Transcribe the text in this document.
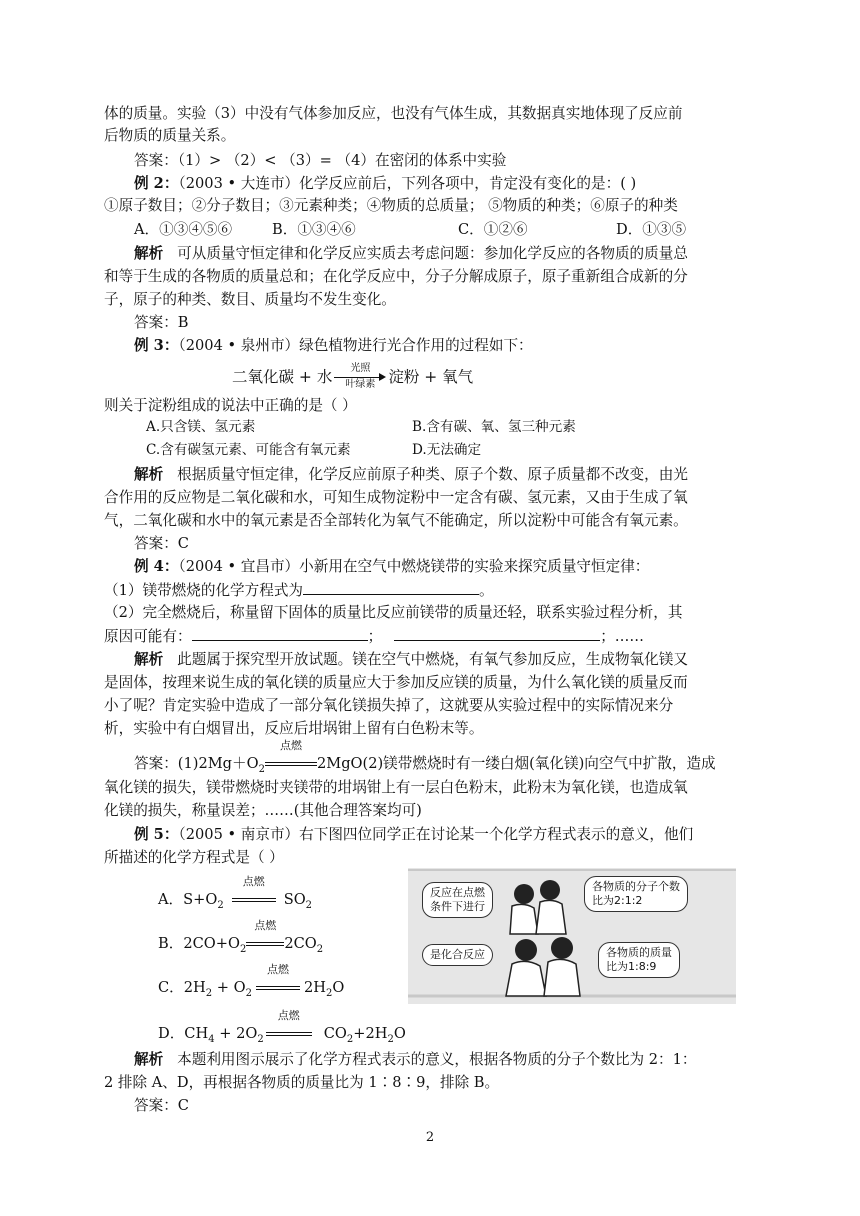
体的质量。实验（3）中没有气体参加反应，也没有气体生成，其数据真实地体现了反应前
后物质的质量关系。
答案：（1）> （2）< （3）= （4）在密闭的体系中实验
例 2：（2003 • 大连市）化学反应前后，下列各项中，肯定没有变化的是：( )
①原子数目；②分子数目；③元素种类；④物质的总质量； ⑤物质的种类；⑥原子的种类
A．①③④⑤⑥	B．①③④⑥	C．①②⑥	D．①③⑤
解析 可从质量守恒定律和化学反应实质去考虑问题：参加化学反应的各物质的质量总
和等于生成的各物质的质量总和；在化学反应中，分子分解成原子，原子重新组合成新的分
子，原子的种类、数目、质量均不发生变化。
答案：B
例 3：（2004 • 泉州市）绿色植物进行光合作用的过程如下：
二氧化碳 + 水	光照
叶绿素 淀粉 + 氧气
则关于淀粉组成的说法中正确的是（ ）
A.只含镁、氢元素	B.含有碳、氧、氢三种元素
C.含有碳氢元素、可能含有氧元素	D.无法确定
解析 根据质量守恒定律，化学反应前原子种类、原子个数、原子质量都不改变，由光
合作用的反应物是二氧化碳和水，可知生成物淀粉中一定含有碳、氢元素，又由于生成了氧
气，二氧化碳和水中的氧元素是否全部转化为氧气不能确定，所以淀粉中可能含有氧元素。
答案：C
例 4：（2004 • 宜昌市）小新用在空气中燃烧镁带的实验来探究质量守恒定律：
（1）镁带燃烧的化学方程式为	。
（2）完全燃烧后，称量留下固体的质量比反应前镁带的质量还轻，联系实验过程分析，其
原因可能有：	；	；……
解析 此题属于探究型开放试题。镁在空气中燃烧，有氧气参加反应，生成物氧化镁又
是固体，按理来说生成的氧化镁的质量应大于参加反应镁的质量，为什么氧化镁的质量反而
小了呢？肯定实验中造成了一部分氧化镁损失掉了，这就要从实验过程中的实际情况来分
析，实验中有白烟冒出，反应后坩埚钳上留有白色粉末等。
答案：$(1)2Mg+O_2$
点燃
2MgO(2)镁带燃烧时有一缕白烟(氧化镁)向空气中扩散，造成
氧化镁的损失，镁带燃烧时夹镁带的坩埚钳上有一层白色粉末，此粉末为氧化镁，也造成氧
化镁的损失，称量误差；……(其他合理答案均可)
例 5：（2005 • 南京市）右下图四位同学正在讨论某一个化学方程式表示的意义，他们
所描述的化学方程式是（ ）
A．$S+O_2$
点燃
$SO_2$
B．$2CO+O_2$
点燃
$2CO_2$
C．$2H_2 + O_2$
点燃
$2H_2O$
D．$CH_4 + 2O_2$
点燃
$CO_2+2H_2O$
反应在点燃
条件下进行
各物质的分子个数
比为2:1:2
是化合反应	各物质的质量
比为1:8:9
解析 本题利用图示展示了化学方程式表示的意义，根据各物质的分子个数比为 2：1：
2 排除 A、D，再根据各物质的质量比为 1∶8∶9，排除 B。
答案：C
2
